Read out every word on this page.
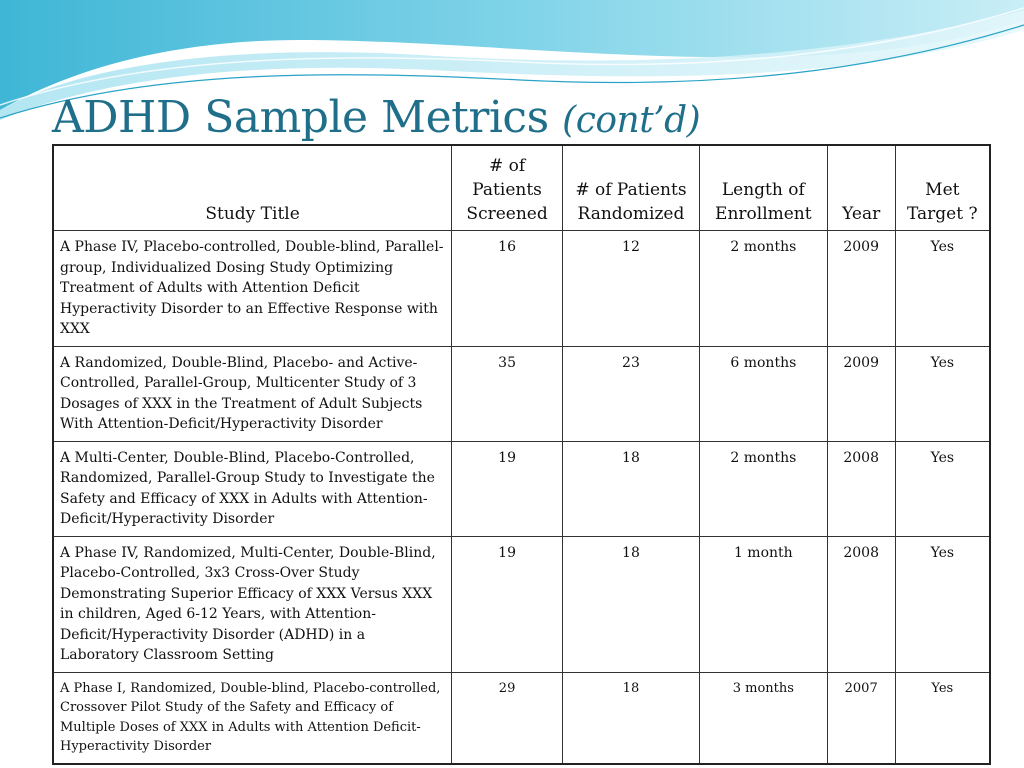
ADHD Sample Metrics (cont’d)
Study Title	# of Patients Screened	# of Patients Randomized	Length of Enrollment	Year	Met Target ?
A Phase IV, Placebo-controlled, Double-blind, Parallel-group, Individualized Dosing Study Optimizing Treatment of Adults with Attention Deficit Hyperactivity Disorder to an Effective Response with XXX	16	12	2 months	2009	Yes
A Randomized, Double-Blind, Placebo- and Active-Controlled, Parallel-Group, Multicenter Study of 3 Dosages of XXX in the Treatment of Adult Subjects With Attention-Deficit/Hyperactivity Disorder	35	23	6 months	2009	Yes
A Multi-Center, Double-Blind, Placebo-Controlled, Randomized, Parallel-Group Study to Investigate the Safety and Efficacy of XXX in Adults with Attention-Deficit/Hyperactivity Disorder	19	18	2 months	2008	Yes
A Phase IV, Randomized, Multi-Center, Double-Blind, Placebo-Controlled, 3x3 Cross-Over Study Demonstrating Superior Efficacy of XXX Versus XXX in children, Aged 6-12 Years, with Attention-Deficit/Hyperactivity Disorder (ADHD) in a Laboratory Classroom Setting	19	18	1 month	2008	Yes
A Phase I, Randomized, Double-blind, Placebo-controlled, Crossover Pilot Study of the Safety and Efficacy of Multiple Doses of XXX in Adults with Attention Deficit-Hyperactivity Disorder	29	18	3 months	2007	Yes
